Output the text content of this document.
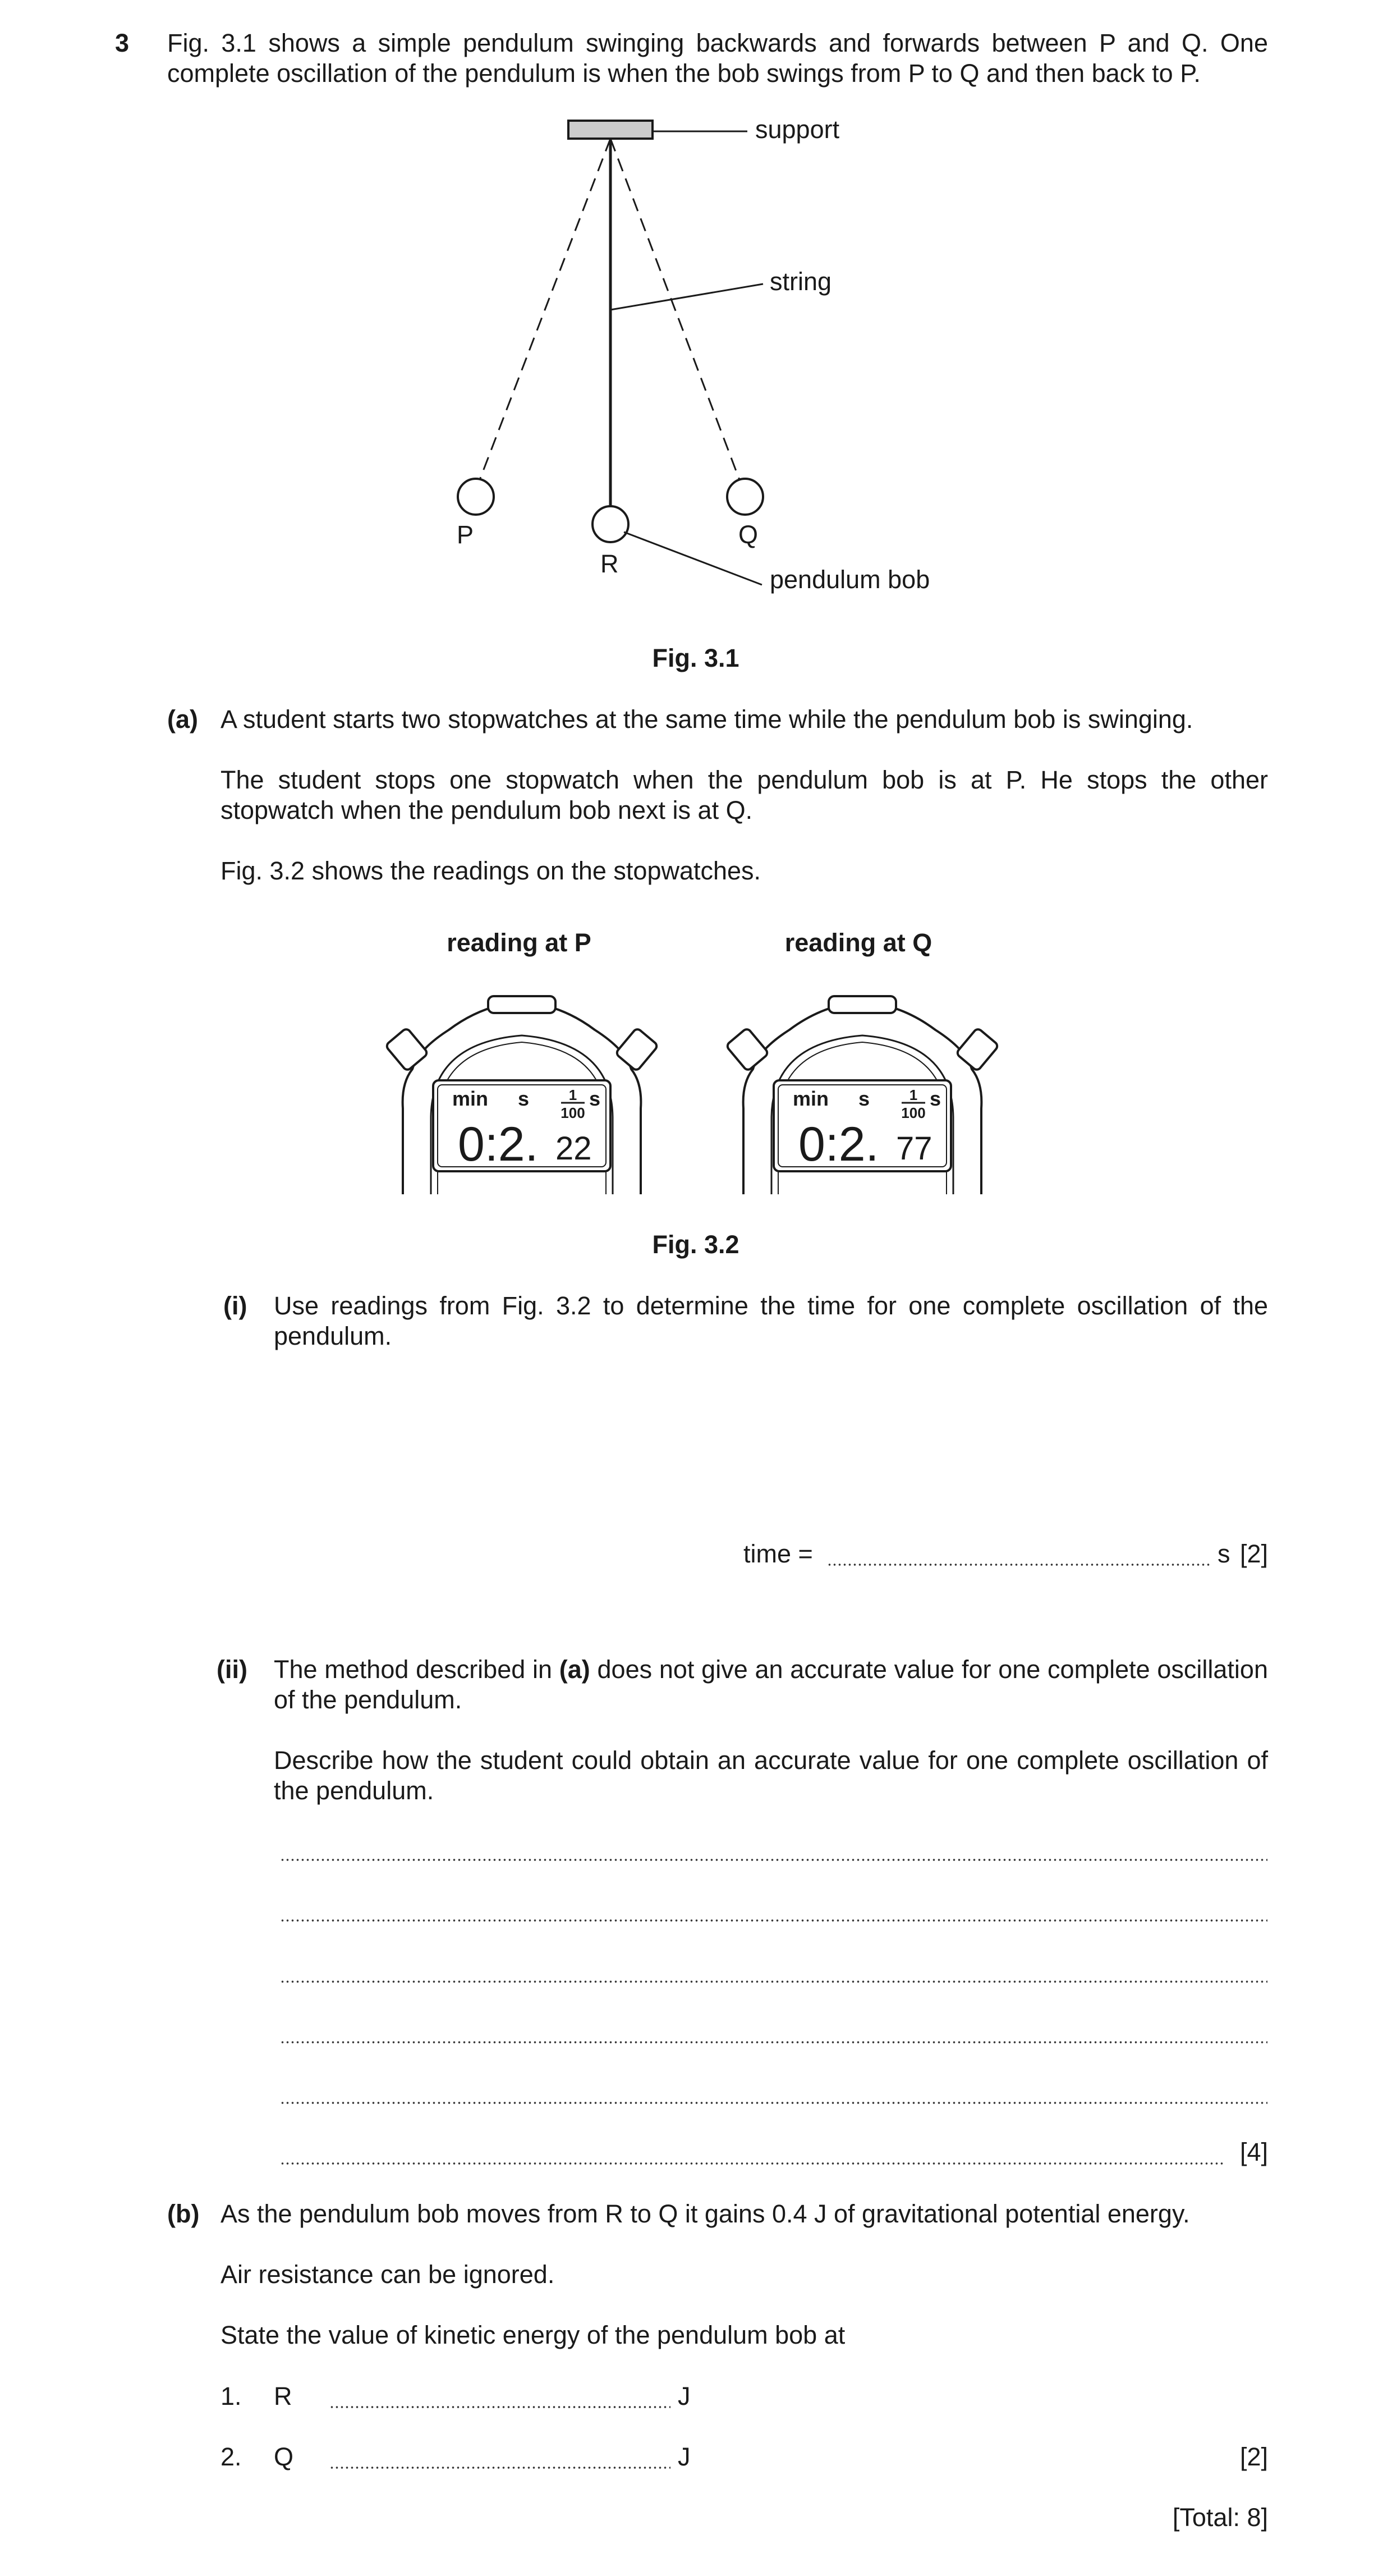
3 Fig. 3.1 shows a simple pendulum swinging backwards and forwards between P and Q. One complete oscillation of the pendulum is when the bob swings from P to Q and then back to P.
support
string
P	Q
R
pendulum bob
Fig. 3.1
(a) A student starts two stopwatches at the same time while the pendulum bob is swinging.
The student stops one stopwatch when the pendulum bob is at P. He stops the other stopwatch when the pendulum bob next is at Q.
Fig. 3.2 shows the readings on the stopwatches.
reading at P	reading at Q
min s	1
100
s
0:2. 22
min s	1
100
s
0:2. 77
Fig. 3.2
(i) Use readings from Fig. 3.2 to determine the time for one complete oscillation of the pendulum.
time =	s [2]
(ii) The method described in (a) does not give an accurate value for one complete oscillation of the pendulum.
Describe how the student could obtain an accurate value for one complete oscillation of the pendulum.
[4]
(b) As the pendulum bob moves from R to Q it gains 0.4 J of gravitational potential energy.
Air resistance can be ignored.
State the value of kinetic energy of the pendulum bob at
1. R	J
2. Q	J	[2]
[Total: 8]
